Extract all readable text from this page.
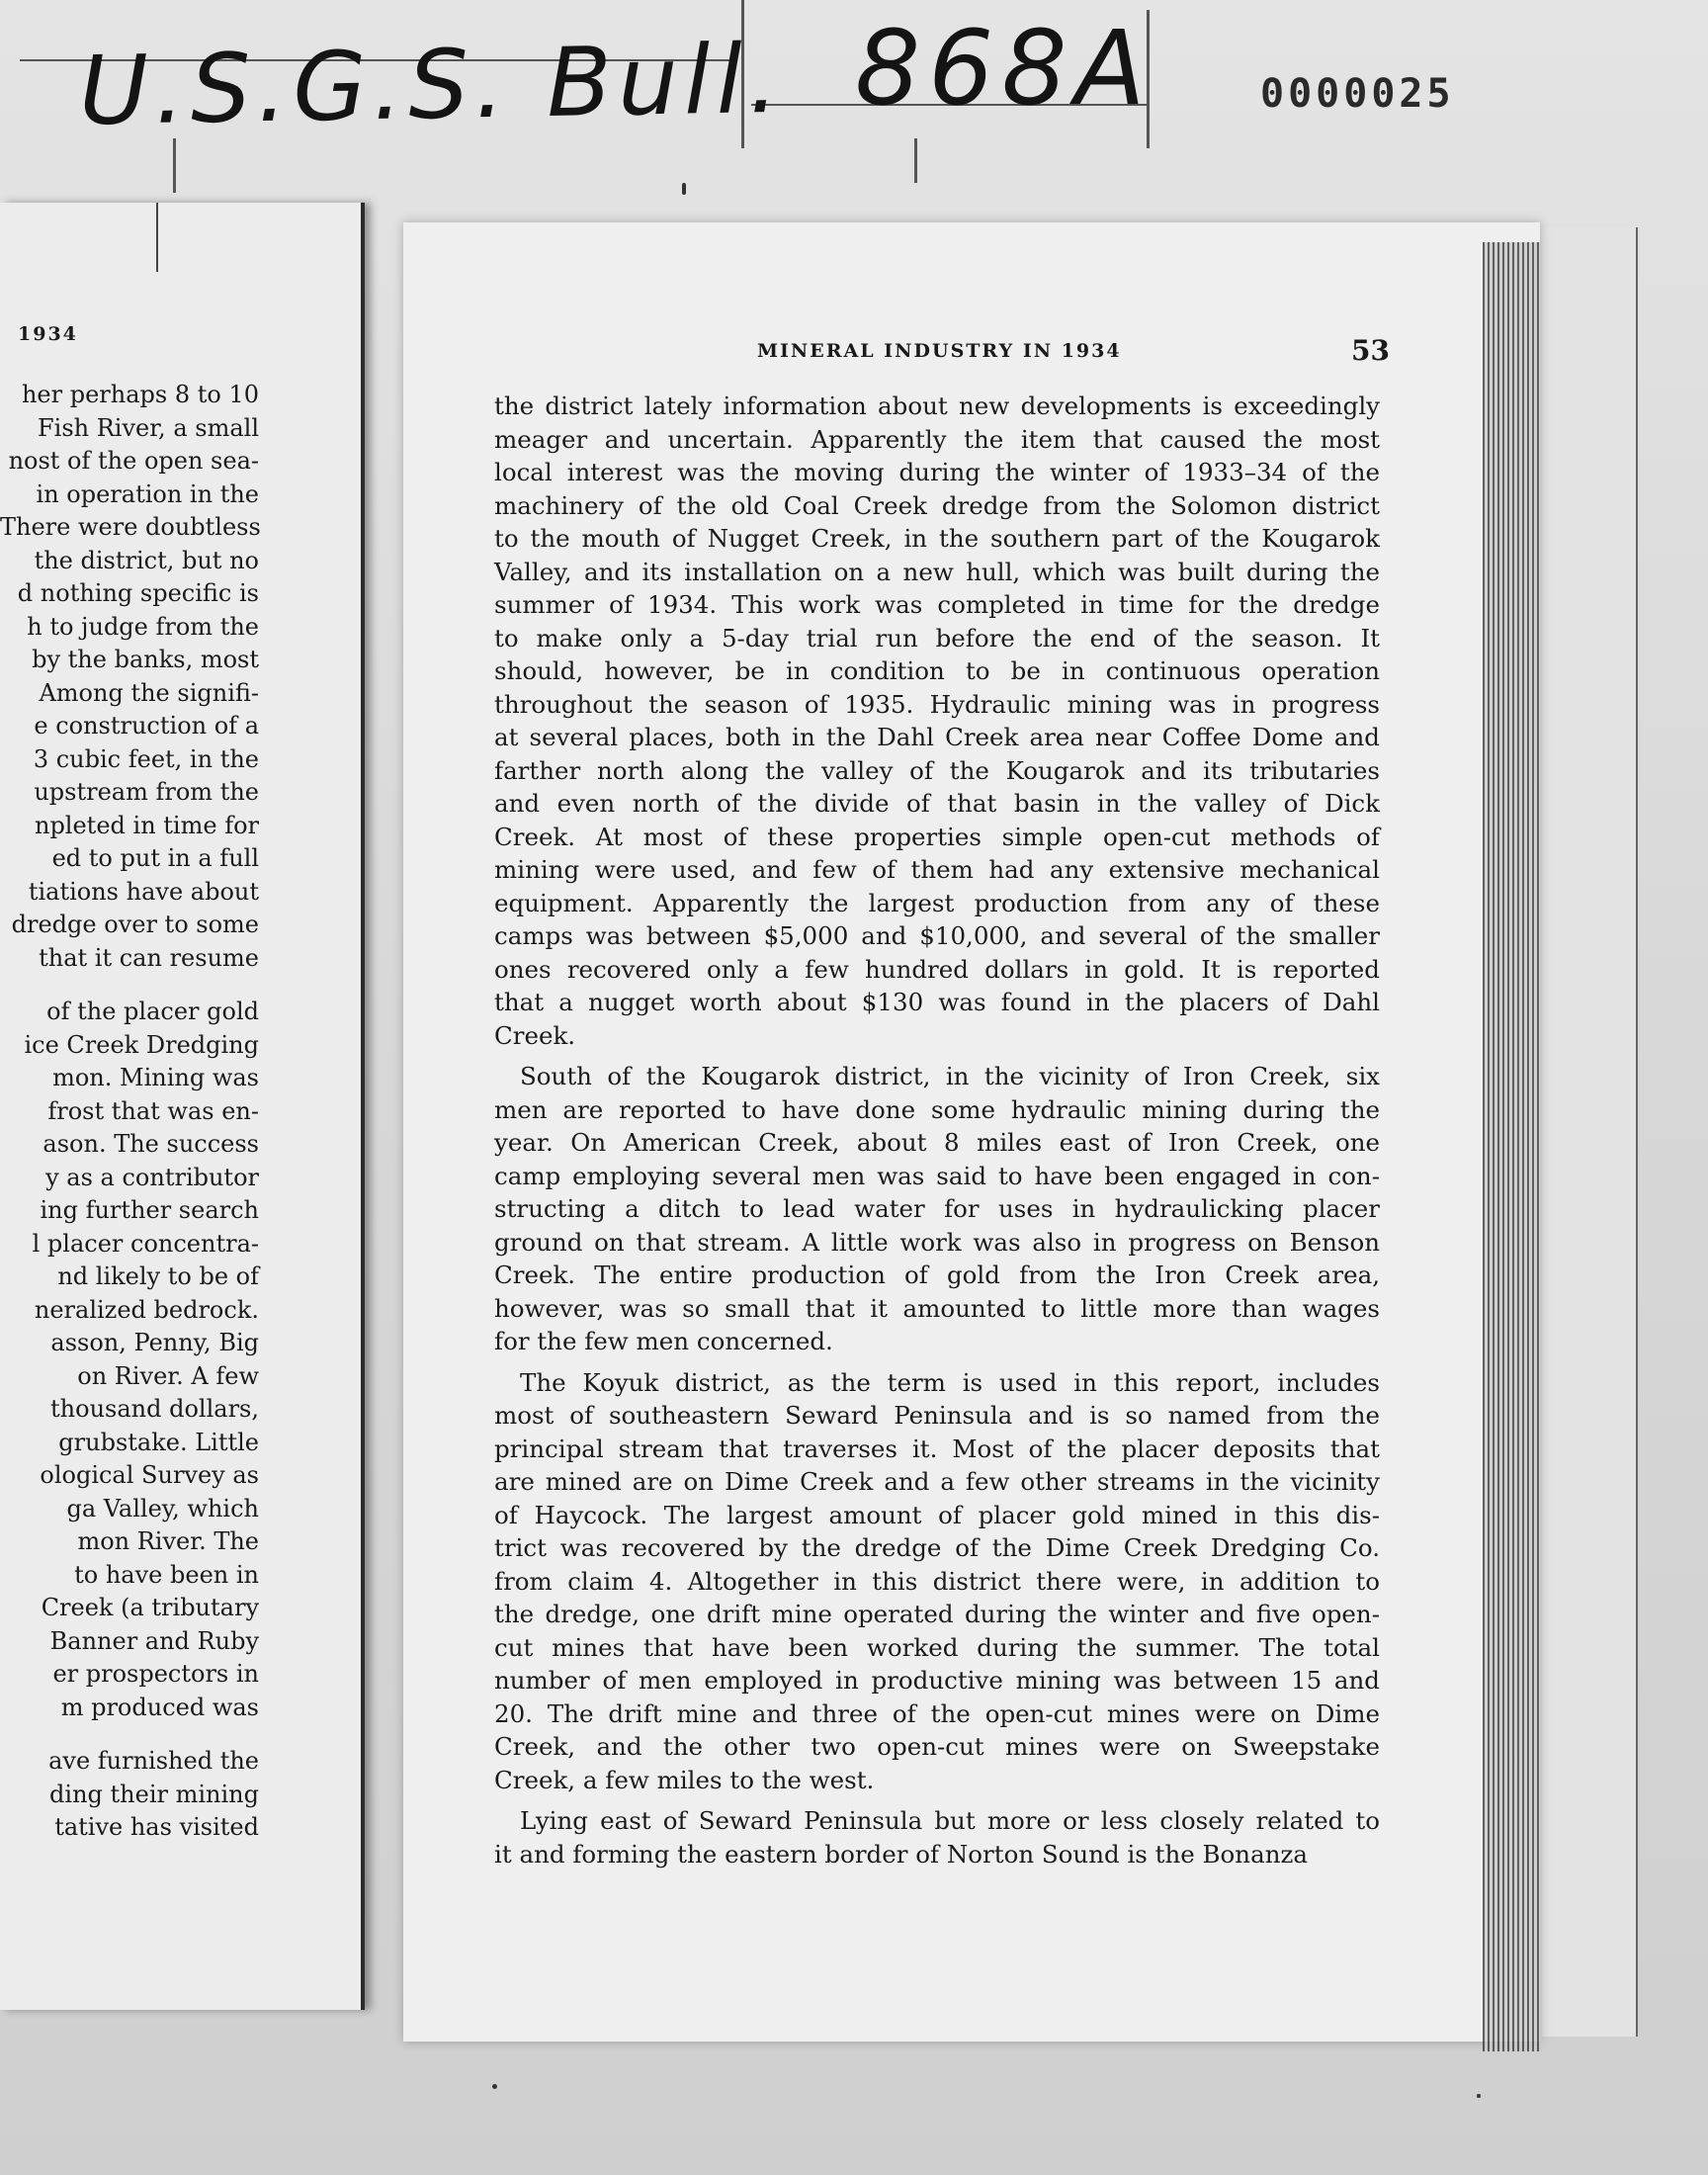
U.S.G.S. Bull. 868A	0000025
1934
her perhaps 8 to 10
Fish River, a small
nost of the open sea-
in operation in the
There were doubtless
the district, but no
d nothing specific is
h to judge from the
by the banks, most
Among the signifi-
e construction of a
3 cubic feet, in the
upstream from the
npleted in time for
ed to put in a full
tiations have about
dredge over to some
that it can resume
of the placer gold
ice Creek Dredging
mon. Mining was
frost that was en-
ason. The success
y as a contributor
ing further search
l placer concentra-
nd likely to be of
neralized bedrock.
asson, Penny, Big
on River. A few
thousand dollars,
grubstake. Little
ological Survey as
ga Valley, which
mon River. The
to have been in
Creek (a tributary
Banner and Ruby
er prospectors in
m produced was
ave furnished the
ding their mining
tative has visited
MINERAL INDUSTRY IN 1934	53
the district lately information about new developments is exceedingly
meager and uncertain. Apparently the item that caused the most
local interest was the moving during the winter of 1933–34 of the
machinery of the old Coal Creek dredge from the Solomon district
to the mouth of Nugget Creek, in the southern part of the Kougarok
Valley, and its installation on a new hull, which was built during the
summer of 1934. This work was completed in time for the dredge
to make only a 5-day trial run before the end of the season. It
should, however, be in condition to be in continuous operation
throughout the season of 1935. Hydraulic mining was in progress
at several places, both in the Dahl Creek area near Coffee Dome and
farther north along the valley of the Kougarok and its tributaries
and even north of the divide of that basin in the valley of Dick
Creek. At most of these properties simple open-cut methods of
mining were used, and few of them had any extensive mechanical
equipment. Apparently the largest production from any of these
camps was between $5,000 and $10,000, and several of the smaller
ones recovered only a few hundred dollars in gold. It is reported
that a nugget worth about $130 was found in the placers of Dahl
Creek.
South of the Kougarok district, in the vicinity of Iron Creek, six
men are reported to have done some hydraulic mining during the
year. On American Creek, about 8 miles east of Iron Creek, one
camp employing several men was said to have been engaged in con-
structing a ditch to lead water for uses in hydraulicking placer
ground on that stream. A little work was also in progress on Benson
Creek. The entire production of gold from the Iron Creek area,
however, was so small that it amounted to little more than wages
for the few men concerned.
The Koyuk district, as the term is used in this report, includes
most of southeastern Seward Peninsula and is so named from the
principal stream that traverses it. Most of the placer deposits that
are mined are on Dime Creek and a few other streams in the vicinity
of Haycock. The largest amount of placer gold mined in this dis-
trict was recovered by the dredge of the Dime Creek Dredging Co.
from claim 4. Altogether in this district there were, in addition to
the dredge, one drift mine operated during the winter and five open-
cut mines that have been worked during the summer. The total
number of men employed in productive mining was between 15 and
20. The drift mine and three of the open-cut mines were on Dime
Creek, and the other two open-cut mines were on Sweepstake
Creek, a few miles to the west.
Lying east of Seward Peninsula but more or less closely related to
it and forming the eastern border of Norton Sound is the Bonanza
